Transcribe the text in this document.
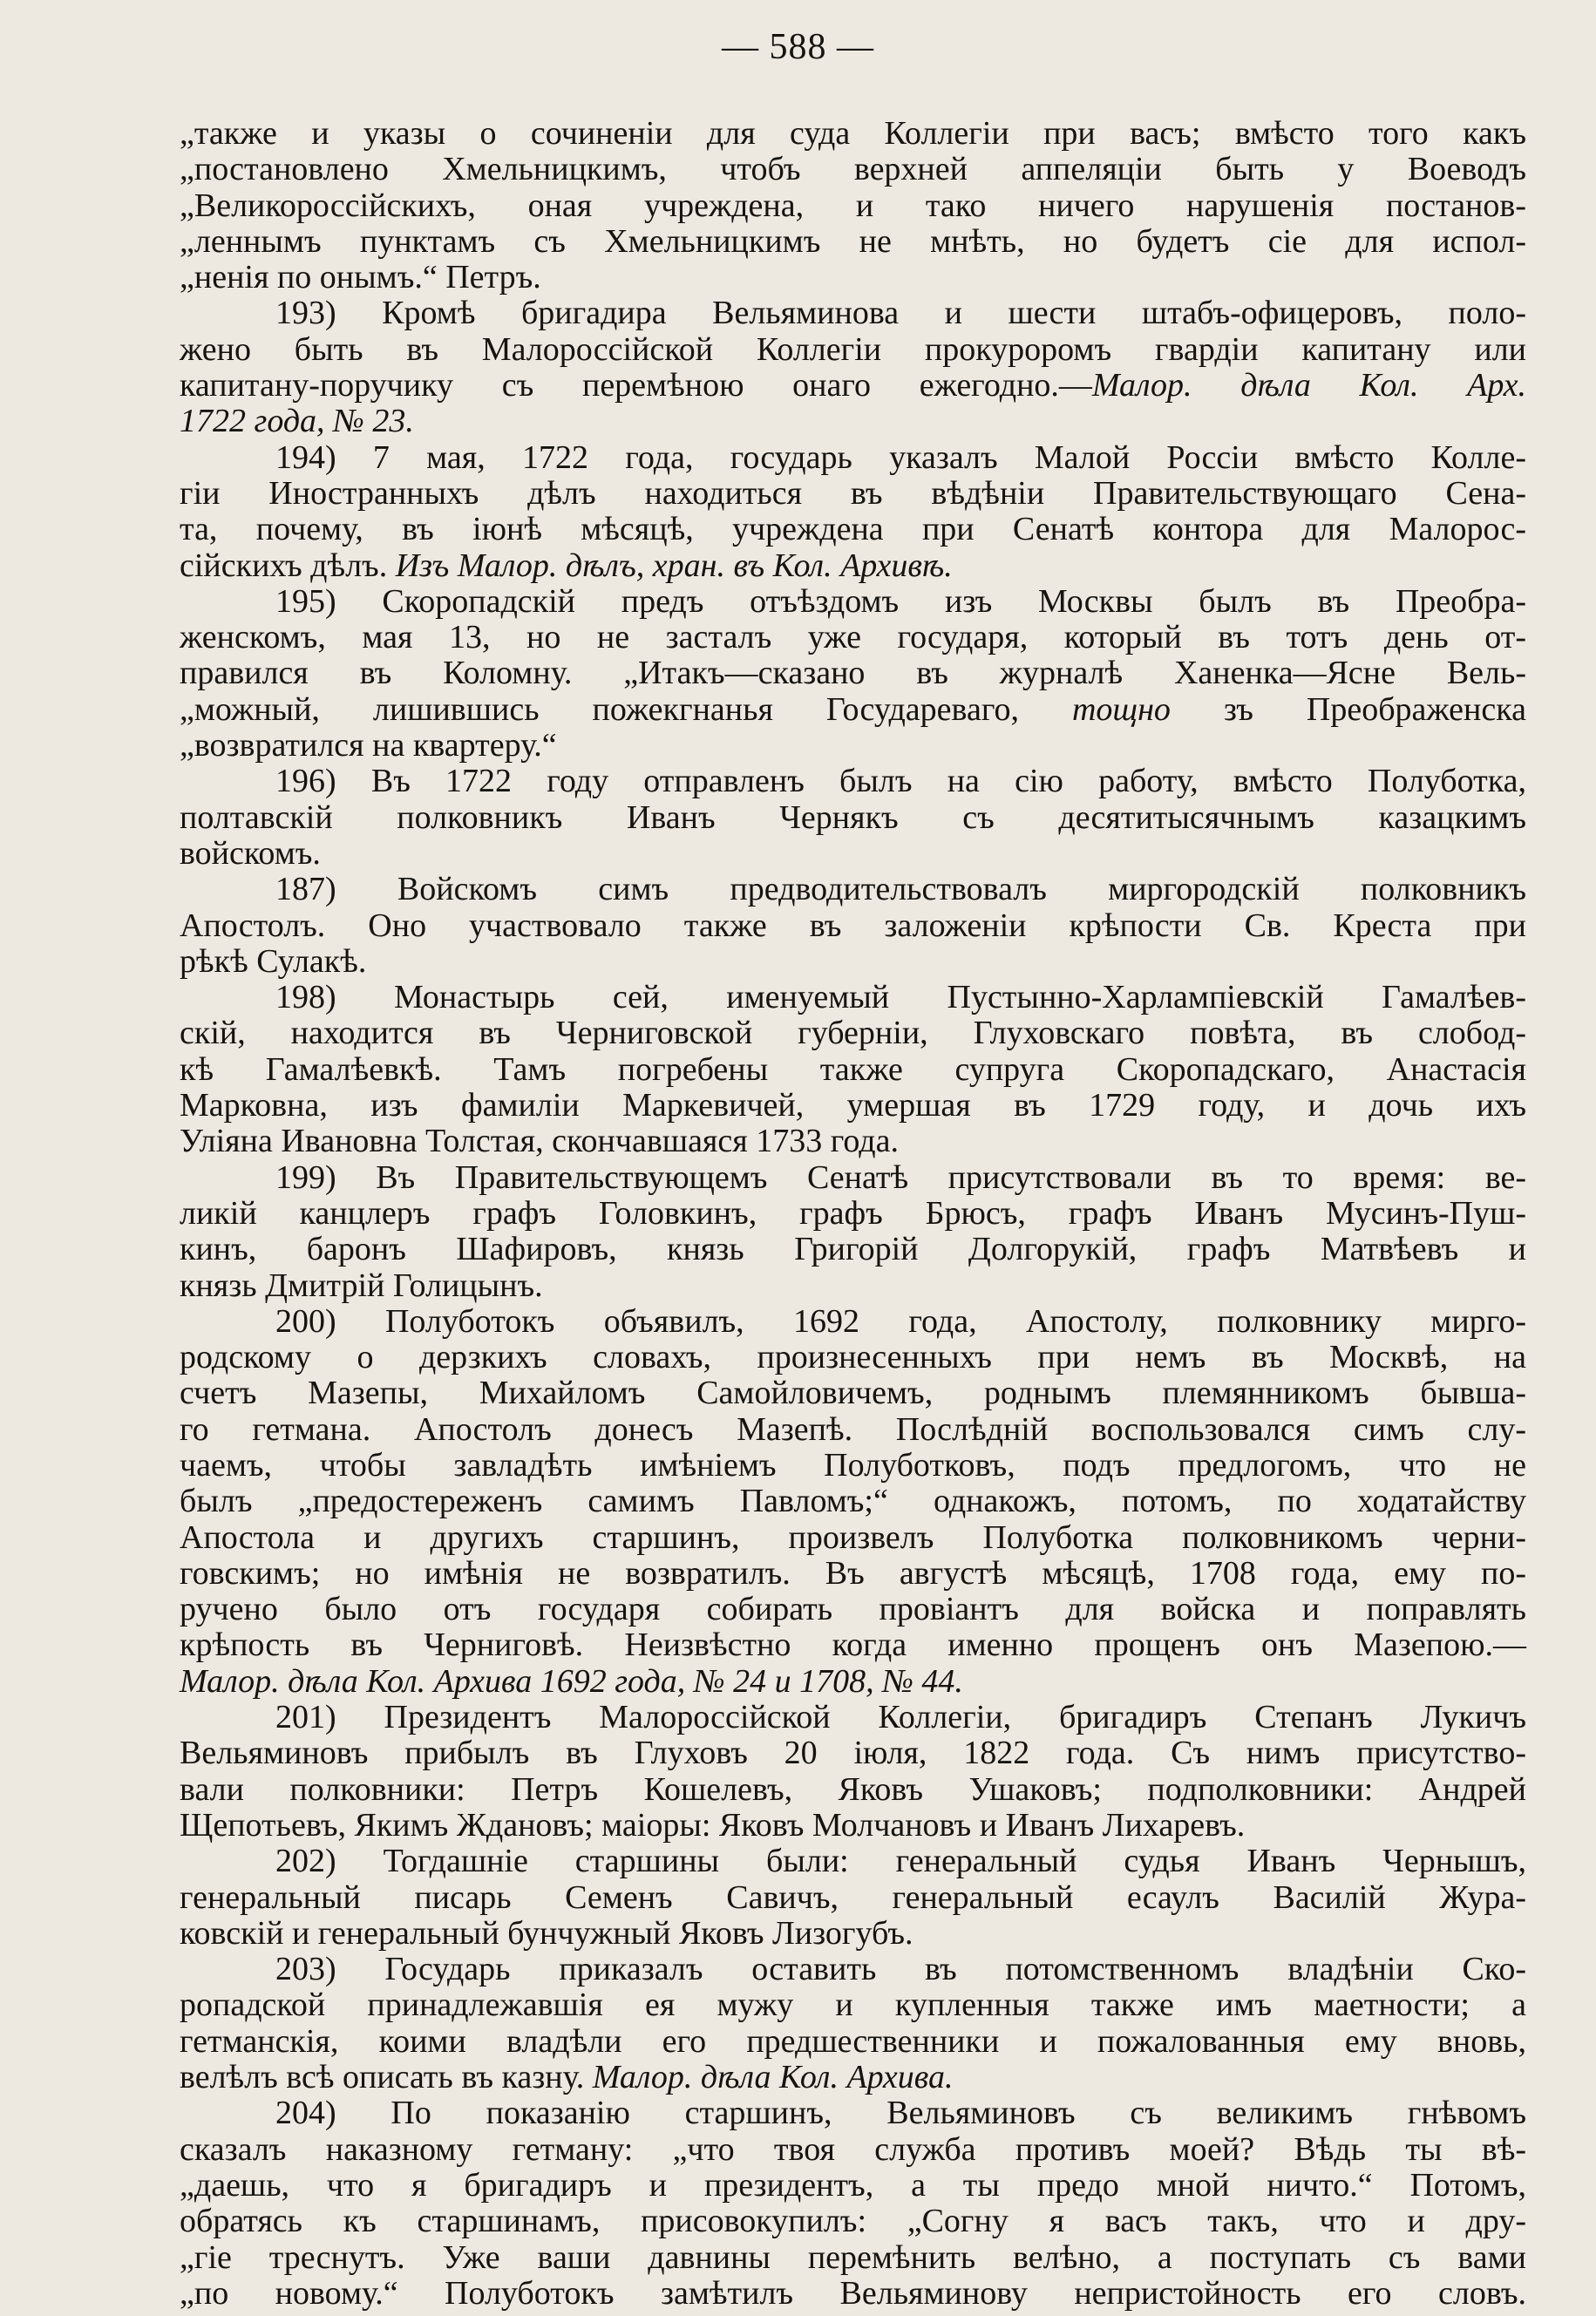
— 588 —
„также и указы о сочиненіи для суда Коллегіи при васъ; вмѣсто того какъ
„постановлено Хмельницкимъ, чтобъ верхней аппеляціи быть у Воеводъ
„Великороссійскихъ, оная учреждена, и тако ничего нарушенія постанов-
„леннымъ пунктамъ съ Хмельницкимъ не мнѣть, но будетъ сіе для испол-
„ненія по онымъ.“ Петръ.
193) Кромѣ бригадира Вельяминова и шести штабъ-офицеровъ, поло-
жено быть въ Малороссійской Коллегіи прокуроромъ гвардіи капитану или
капитану-поручику съ перемѣною онаго ежегодно.—Малор. дѣла Кол. Арх.
1722 года, № 23.
194) 7 мая, 1722 года, государь указалъ Малой Россіи вмѣсто Колле-
гіи Иностранныхъ дѣлъ находиться въ вѣдѣніи Правительствующаго Сена-
та, почему, въ іюнѣ мѣсяцѣ, учреждена при Сенатѣ контора для Малорос-
сійскихъ дѣлъ. Изъ Малор. дѣлъ, хран. въ Кол. Архивѣ.
195) Скоропадскій предъ отъѣздомъ изъ Москвы былъ въ Преобра-
женскомъ, мая 13, но не засталъ уже государя, который въ тотъ день от-
правился въ Коломну. „Итакъ—сказано въ журналѣ Ханенка—Ясне Вель-
„можный, лишившись пожекгнанья Государеваго, тощно зъ Преображенска
„возвратился на квартеру.“
196) Въ 1722 году отправленъ былъ на сію работу, вмѣсто Полуботка,
полтавскій полковникъ Иванъ Чернякъ съ десятитысячнымъ казацкимъ
войскомъ.
187) Войскомъ симъ предводительствовалъ миргородскій полковникъ
Апостолъ. Оно участвовало также въ заложеніи крѣпости Св. Креста при
рѣкѣ Сулакѣ.
198) Монастырь сей, именуемый Пустынно-Харлампіевскій Гамалѣев-
скій, находится въ Черниговской губерніи, Глуховскаго повѣта, въ слобод-
кѣ Гамалѣевкѣ. Тамъ погребены также супруга Скоропадскаго, Анастасія
Марковна, изъ фамиліи Маркевичей, умершая въ 1729 году, и дочь ихъ
Уліяна Ивановна Толстая, скончавшаяся 1733 года.
199) Въ Правительствующемъ Сенатѣ присутствовали въ то время: ве-
ликій канцлеръ графъ Головкинъ, графъ Брюсъ, графъ Иванъ Мусинъ-Пуш-
кинъ, баронъ Шафировъ, князь Григорій Долгорукій, графъ Матвѣевъ и
князь Дмитрій Голицынъ.
200) Полуботокъ объявилъ, 1692 года, Апостолу, полковнику мирго-
родскому о дерзкихъ словахъ, произнесенныхъ при немъ въ Москвѣ, на
счетъ Мазепы, Михайломъ Самойловичемъ, роднымъ племянникомъ бывша-
го гетмана. Апостолъ донесъ Мазепѣ. Послѣдній воспользовался симъ слу-
чаемъ, чтобы завладѣть имѣніемъ Полуботковъ, подъ предлогомъ, что не
былъ „предостереженъ самимъ Павломъ;“ однакожъ, потомъ, по ходатайству
Апостола и другихъ старшинъ, произвелъ Полуботка полковникомъ черни-
говскимъ; но имѣнія не возвратилъ. Въ августѣ мѣсяцѣ, 1708 года, ему по-
ручено было отъ государя собирать провіантъ для войска и поправлять
крѣпость въ Черниговѣ. Неизвѣстно когда именно прощенъ онъ Мазепою.—
Малор. дѣла Кол. Архива 1692 года, № 24 и 1708, № 44.
201) Президентъ Малороссійской Коллегіи, бригадиръ Степанъ Лукичъ
Вельяминовъ прибылъ въ Глуховъ 20 іюля, 1822 года. Съ нимъ присутство-
вали полковники: Петръ Кошелевъ, Яковъ Ушаковъ; подполковники: Андрей
Щепотьевъ, Якимъ Ждановъ; маіоры: Яковъ Молчановъ и Иванъ Лихаревъ.
202) Тогдашніе старшины были: генеральный судья Иванъ Чернышъ,
генеральный писарь Семенъ Савичъ, генеральный есаулъ Василій Жура-
ковскій и генеральный бунчужный Яковъ Лизогубъ.
203) Государь приказалъ оставить въ потомственномъ владѣніи Ско-
ропадской принадлежавшія ея мужу и купленныя также имъ маетности; а
гетманскія, коими владѣли его предшественники и пожалованныя ему вновь,
велѣлъ всѣ описать въ казну. Малор. дѣла Кол. Архива.
204) По показанію старшинъ, Вельяминовъ съ великимъ гнѣвомъ
сказалъ наказному гетману: „что твоя служба противъ моей? Вѣдь ты вѣ-
„даешь, что я бригадиръ и президентъ, а ты предо мной ничто.“ Потомъ,
обратясь къ старшинамъ, присовокупилъ: „Согну я васъ такъ, что и дру-
„гіе треснутъ. Уже ваши давнины перемѣнить велѣно, а поступать съ вами
„по новому.“ Полуботокъ замѣтилъ Вельяминову непристойность его словъ.
